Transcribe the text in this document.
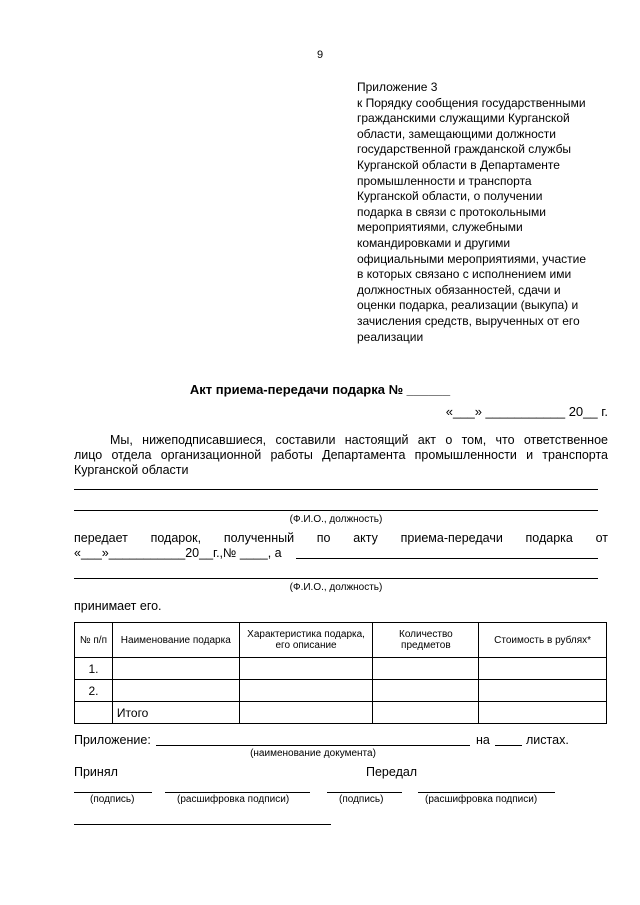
9
Приложение 3
к Порядку сообщения государственными
гражданскими служащими Курганской
области, замещающими должности
государственной гражданской службы
Курганской области в Департаменте
промышленности и транспорта
Курганской области, о получении
подарка в связи с протокольными
мероприятиями, служебными
командировками и другими
официальными мероприятиями, участие
в которых связано с исполнением ими
должностных обязанностей, сдачи и
оценки подарка, реализации (выкупа) и
зачисления средств, вырученных от его
реализации
Акт приема-передачи подарка № ______
«___» ___________ 20__ г.
Мы, нижеподписавшиеся, составили настоящий акт о том, что ответственное
лицо отдела организационной работы Департамента промышленности и транспорта
Курганской области
(Ф.И.О., должность)
передает подарок, полученный по акту приема-передачи подарка от
«___»___________20__г.,№ ____, а
(Ф.И.О., должность)
принимает его.
№ п/п	Наименование подарка	Характеристика подарка, его описание	Количество предметов	Стоимость в рублях*
1.				
2.				
	Итого			
Приложение:	на	листах.
(наименование документа)
Принял	Передал
(подпись)	(расшифровка подписи)	(подпись)	(расшифровка подписи)
